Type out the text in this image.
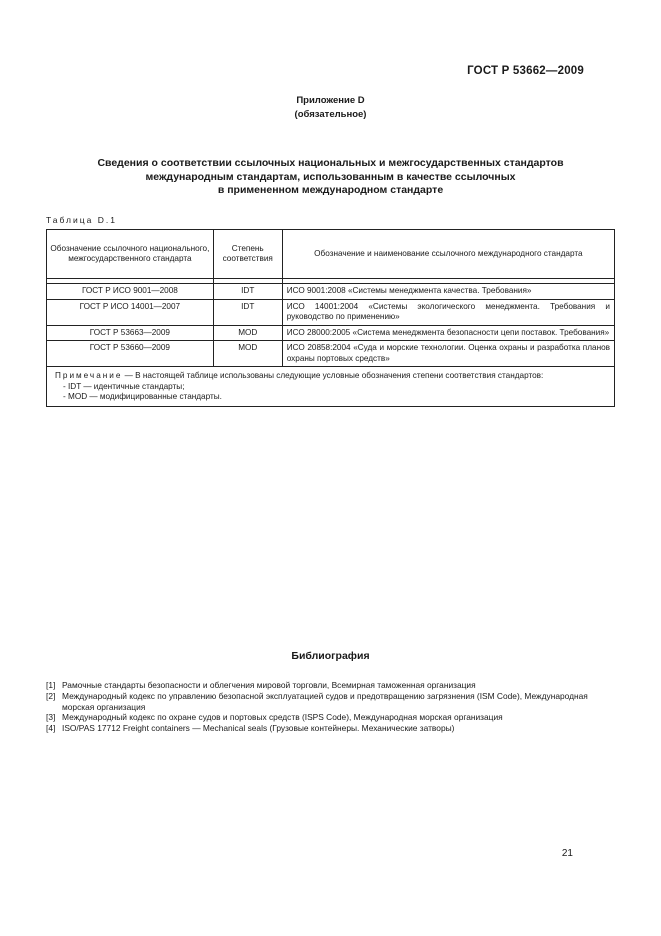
ГОСТ Р 53662—2009
Приложение D
(обязательное)
Сведения о соответствии ссылочных национальных и межгосударственных стандартов
международным стандартам, использованным в качестве ссылочных
в примененном международном стандарте
Таблица D.1
Обозначение ссылочного национального, межгосударственного стандарта	Степень соответствия	Обозначение и наименование ссылочного международного стандарта

ГОСТ Р ИСО 9001—2008	IDT	ИСО 9001:2008 «Системы менеджмента качества. Требования»
ГОСТ Р ИСО 14001—2007	IDT	ИСО 14001:2004 «Системы экологического менеджмента. Требования и руководство по применению»
ГОСТ Р 53663—2009	MOD	ИСО 28000:2005 «Система менеджмента безопасности цепи поставок. Требования»
ГОСТ Р 53660—2009	MOD	ИСО 20858:2004 «Суда и морские технологии. Оценка охраны и разработка планов охраны портовых средств»

Примечание — В настоящей таблице использованы следующие условные обозначения степени соответствия стандартов:
- IDT — идентичные стандарты;
- MOD — модифицированные стандарты.		
Библиография
[1] Рамочные стандарты безопасности и облегчения мировой торговли, Всемирная таможенная организация
[2] Международный кодекс по управлению безопасной эксплуатацией судов и предотвращению загрязнения (ISM Code), Международная морская организация
[3] Международный кодекс по охране судов и портовых средств (ISPS Code), Международная морская организация
[4] ISO/PAS 17712 Freight containers — Mechanical seals (Грузовые контейнеры. Механические затворы)
21
